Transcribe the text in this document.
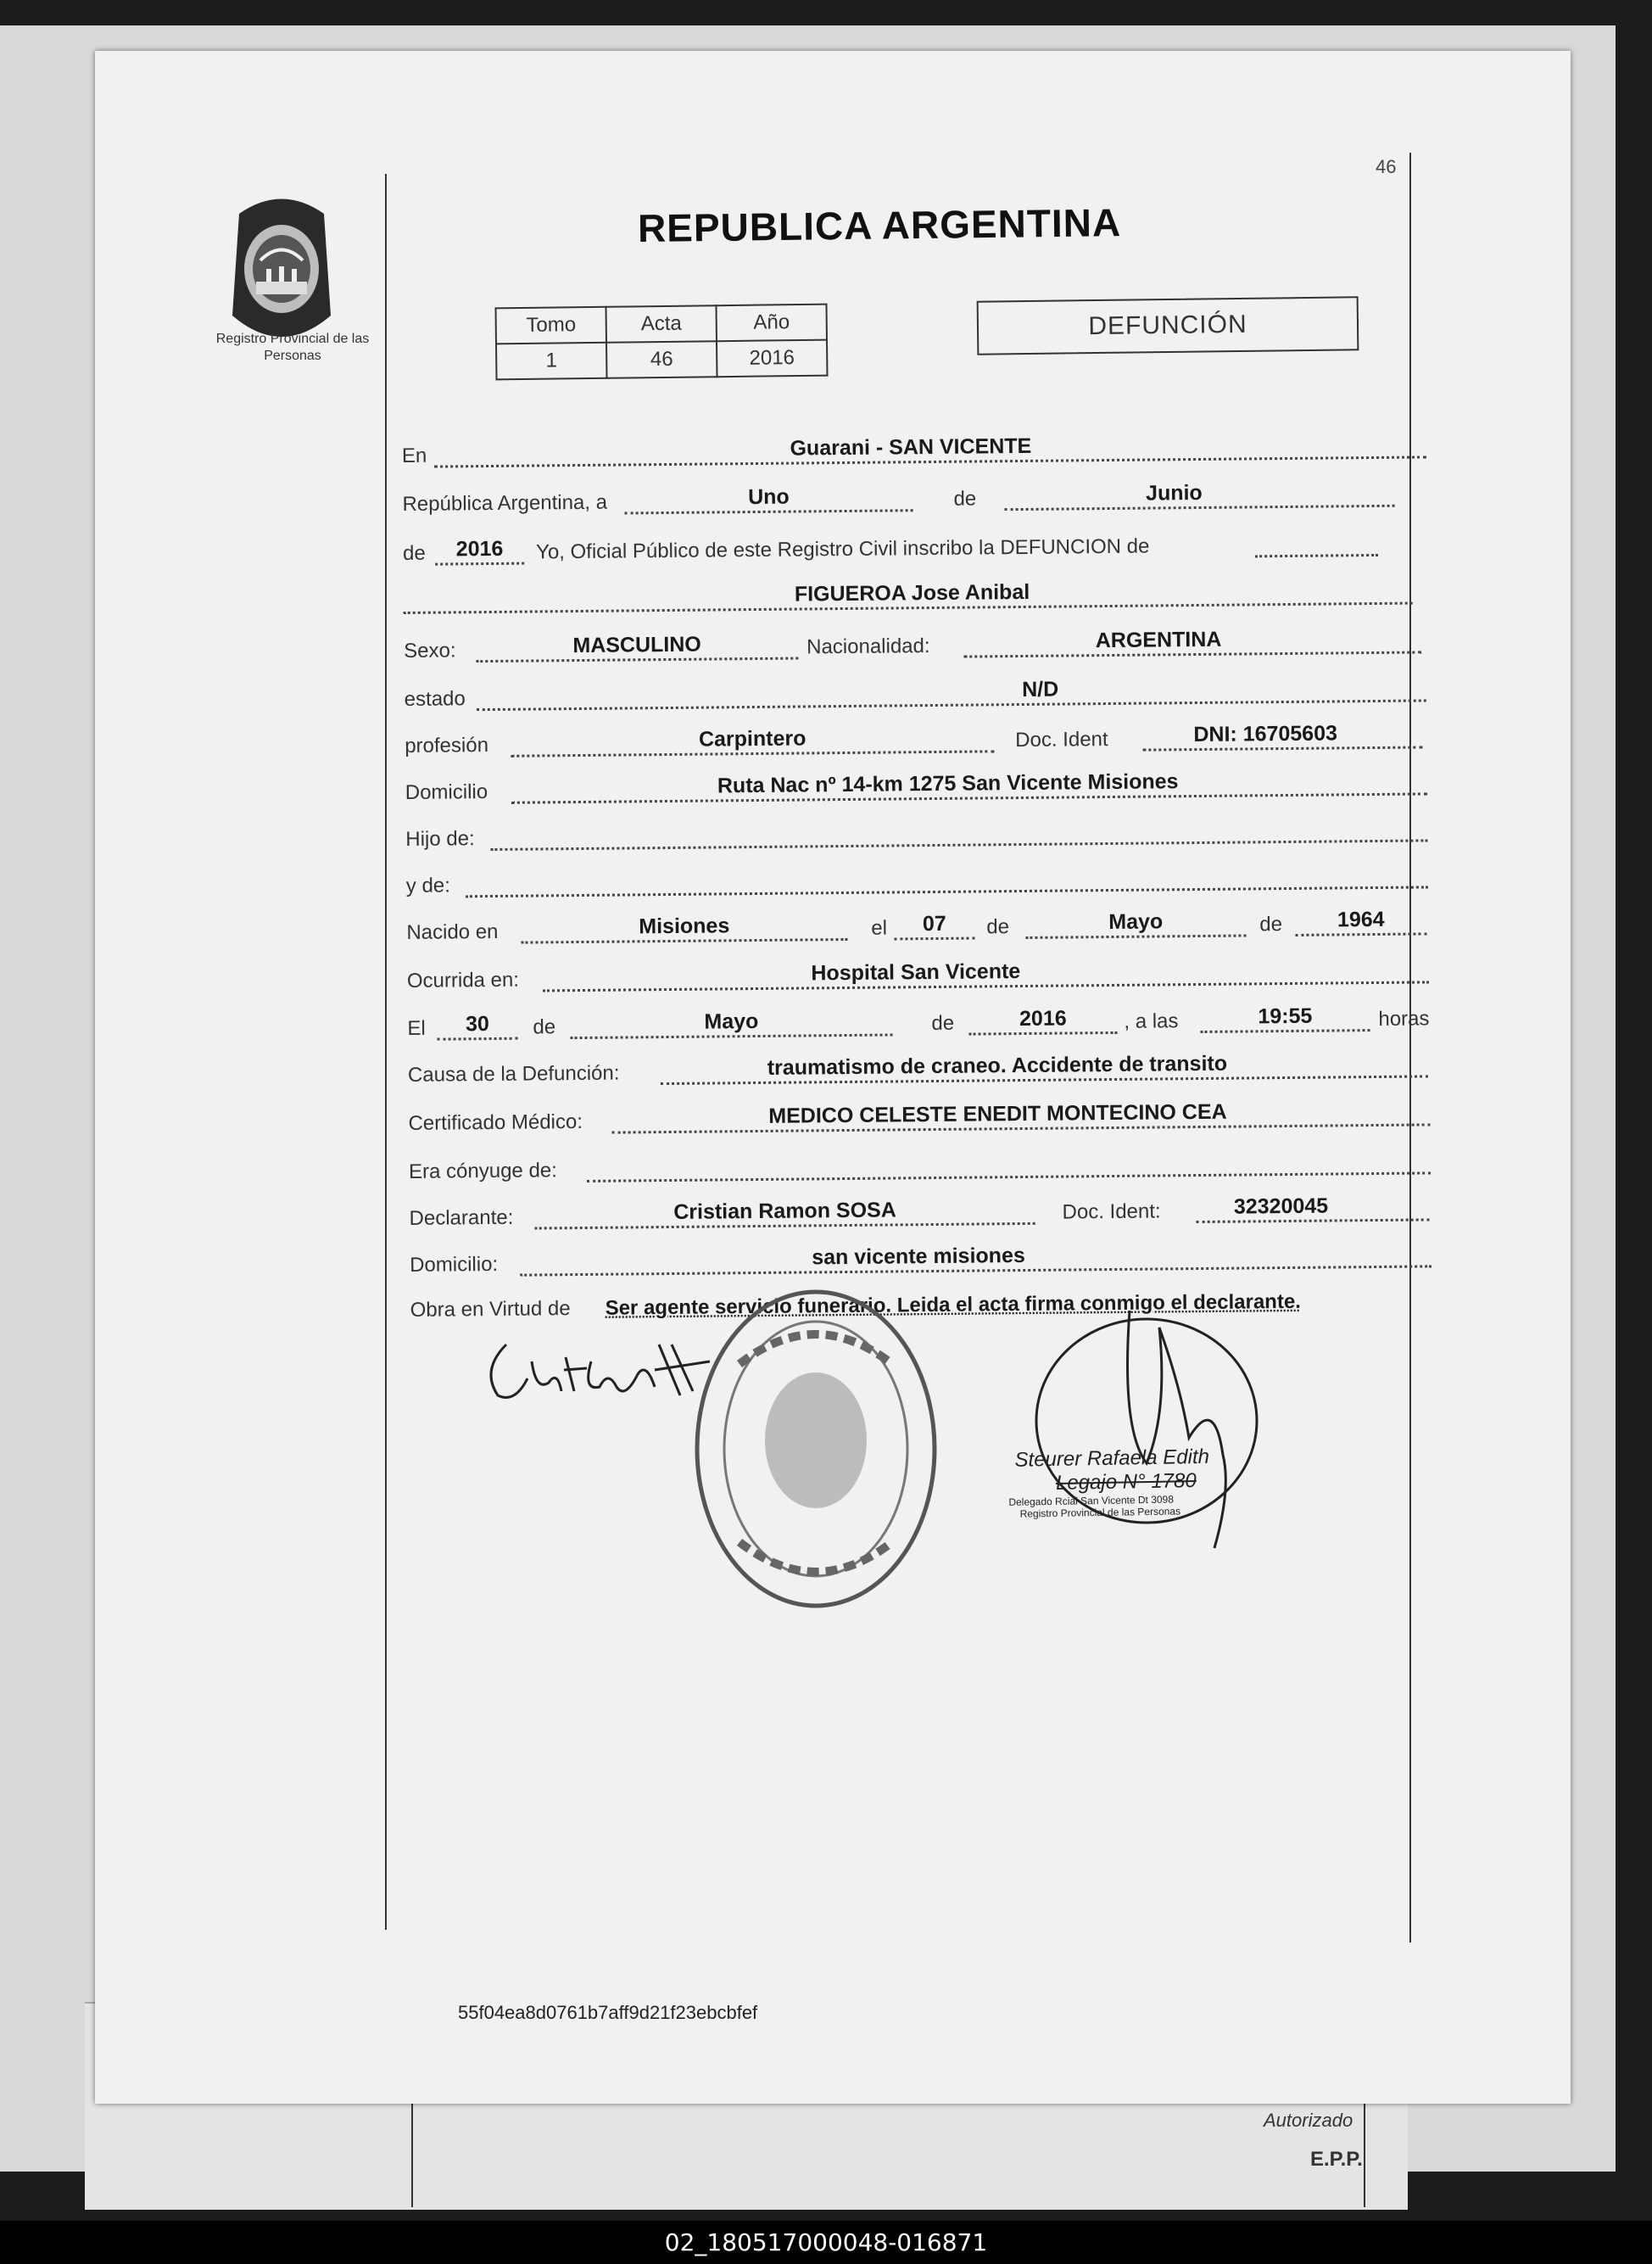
Autorizado
E.P.P.
46
Registro Provincial de las Personas
REPUBLICA ARGENTINA
Tomo	Acta	Año
1	46	2016
DEFUNCIÓN
En	Guarani - SAN VICENTE
República Argentina, a	Uno	de	Junio
de	2016	Yo, Oficial Público de este Registro Civil inscribo la DEFUNCION de
FIGUEROA Jose Anibal
Sexo:	MASCULINO	Nacionalidad:	ARGENTINA
estado	N/D
profesión	Carpintero	Doc. Ident	DNI: 16705603
Domicilio	Ruta Nac nº 14-km 1275 San Vicente Misiones
Hijo de:
y de:
Nacido en	Misiones	el	07	de	Mayo	de	1964
Ocurrida en:	Hospital San Vicente
El	30	de	Mayo	de	2016	, a las	19:55	horas
Causa de la Defunción:	traumatismo de craneo. Accidente de transito
Certificado Médico:	MEDICO CELESTE ENEDIT MONTECINO CEA
Era cónyuge de:
Declarante:	Cristian Ramon SOSA	Doc. Ident:	32320045
Domicilio:	san vicente misiones
Obra en Virtud de Ser agente servicio funerario. Leida el acta firma conmigo el declarante.
Steurer Rafaela Edith
Legajo N° 1780
Delegado Rcial San Vicente Dt 3098
Registro Provincial de las Personas
55f04ea8d0761b7aff9d21f23ebcbfef
02_180517000048-016871
